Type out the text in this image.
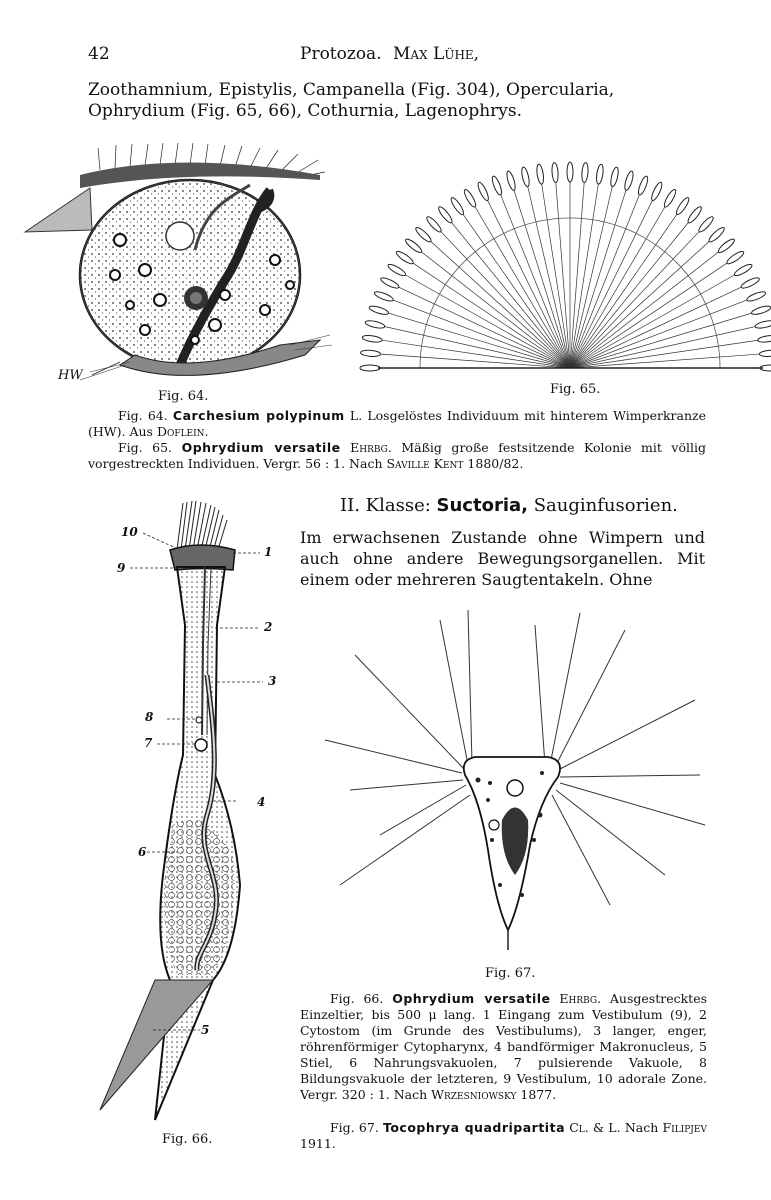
42	Protozoa. Max Lühe,
Zoothamnium, Epistylis, Campanella (Fig. 304), Opercularia, Ophrydium (Fig. 65, 66), Cothurnia, Lagenophrys.
HW
Fig. 64.	Fig. 65.
Fig. 64. Carchesium polypinum L. Losgelöstes Individuum mit hinterem Wimperkranze (HW). Aus Doflein.
Fig. 65. Ophrydium versatile Ehrbg. Mäßig große festsitzende Kolonie mit völlig vorgestreckten Individuen. Vergr. 56 : 1. Nach Saville Kent 1880/82.
II. Klasse: Suctoria, Sauginfusorien.
Im erwachsenen Zustande ohne Wimpern und auch ohne andere Bewegungsorganellen. Mit einem oder mehreren Saugtentakeln. Ohne
10
9
1
2
3
8
7
4
6
5
Fig. 66.
Fig. 67.
Fig. 66. Ophrydium versatile Ehrbg. Ausgestrecktes Einzeltier, bis 500 μ lang. 1 Eingang zum Vestibulum (9), 2 Cytostom (im Grunde des Vestibulums), 3 langer, enger, röhrenförmiger Cytopharynx, 4 bandförmiger Makronucleus, 5 Stiel, 6 Nahrungsvakuolen, 7 pulsierende Vakuole, 8 Bildungsvakuole der letzteren, 9 Vestibulum, 10 adorale Zone. Vergr. 320 : 1. Nach Wrzesniowsky 1877.
Fig. 67. Tocophrya quadripartita Cl. & L. Nach Filipjev 1911.
